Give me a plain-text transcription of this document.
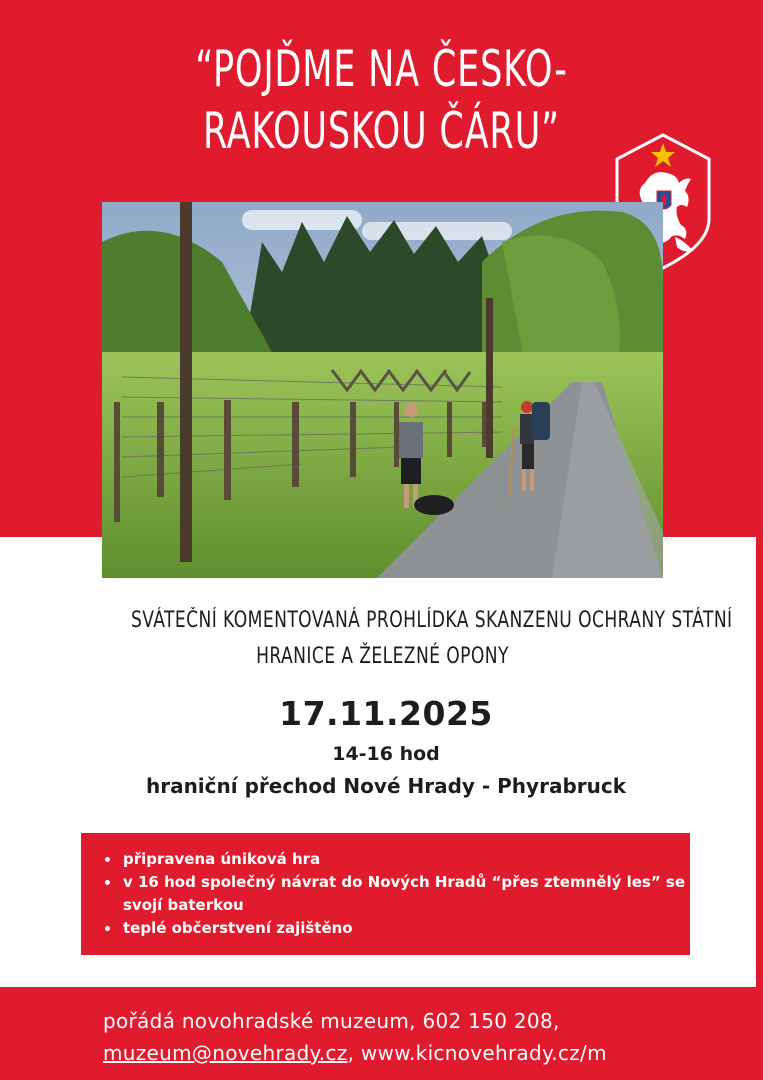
“POJĎME NA ČESKO-
RAKOUSKOU ČÁRU”
SVÁTEČNÍ KOMENTOVANÁ PROHLÍDKA SKANZENU OCHRANY STÁTNÍ
HRANICE A ŽELEZNÉ OPONY
17.11.2025
14-16 hod
hraniční přechod Nové Hrady - Phyrabruck
• připravena úniková hra
• v 16 hod společný návrat do Nových Hradů “přes ztemnělý les” se svojí baterkou
• teplé občerstvení zajištěno
pořádá novohradské muzeum, 602 150 208,
muzeum@novehrady.cz, www.kicnovehrady.cz/m
